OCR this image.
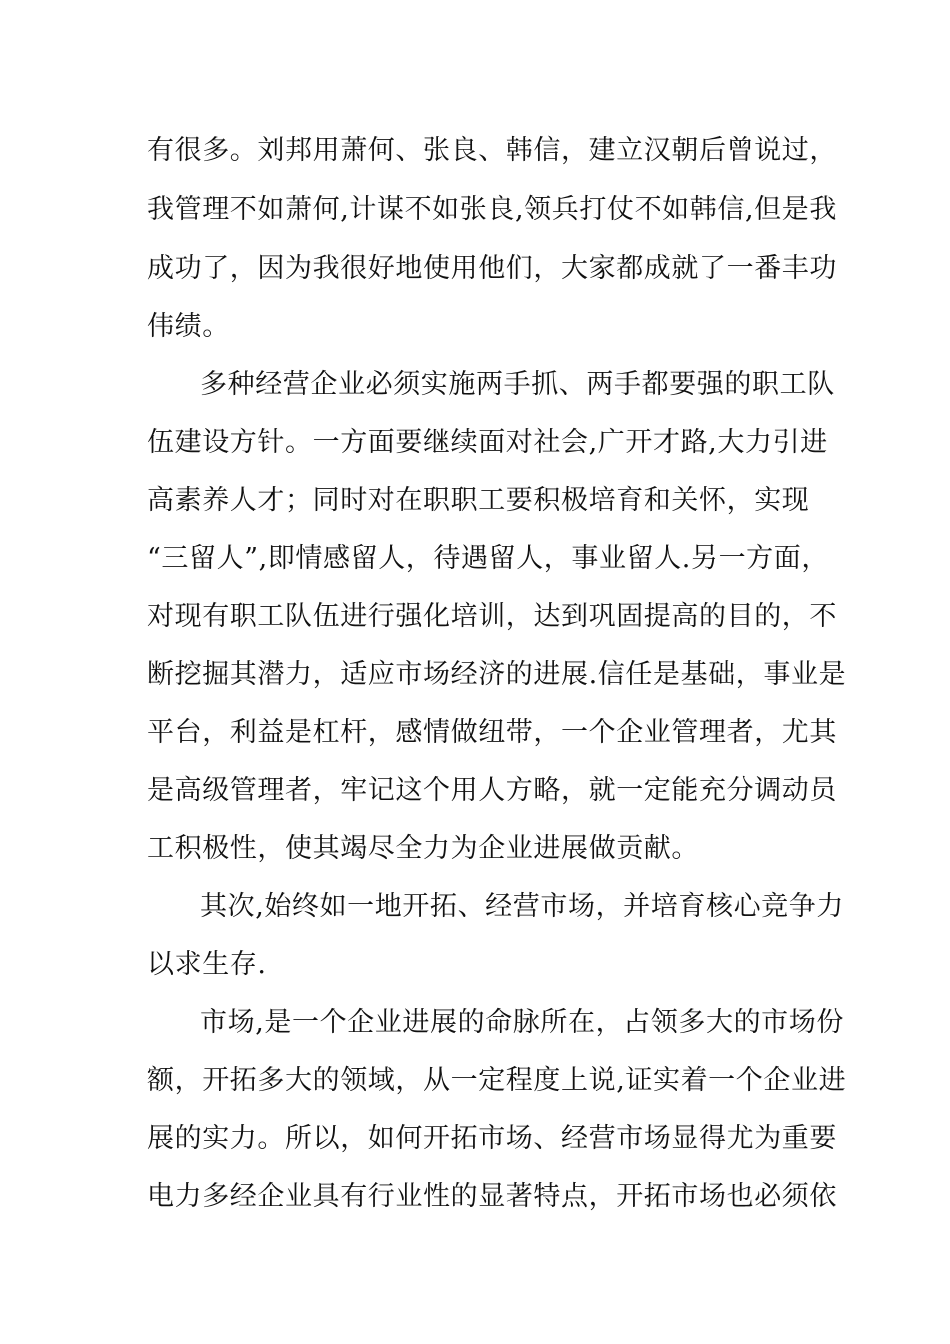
有很多。刘邦用萧何、张良、韩信，建立汉朝后曾说过，
我管理不如萧何,计谋不如张良,领兵打仗不如韩信,但是我
成功了，因为我很好地使用他们，大家都成就了一番丰功
伟绩。
多种经营企业必须实施两手抓、两手都要强的职工队
伍建设方针。一方面要继续面对社会,广开才路,大力引进
高素养人才；同时对在职职工要积极培育和关怀，实现
“三留人”,即情感留人，待遇留人，事业留人.另一方面，
对现有职工队伍进行强化培训，达到巩固提高的目的，不
断挖掘其潜力，适应市场经济的进展.信任是基础，事业是
平台，利益是杠杆，感情做纽带，一个企业管理者，尤其
是高级管理者，牢记这个用人方略，就一定能充分调动员
工积极性，使其竭尽全力为企业进展做贡献。
其次,始终如一地开拓、经营市场，并培育核心竞争力
以求生存.
市场,是一个企业进展的命脉所在，占领多大的市场份
额，开拓多大的领域，从一定程度上说,证实着一个企业进
展的实力。所以，如何开拓市场、经营市场显得尤为重要
电力多经企业具有行业性的显著特点，开拓市场也必须依
